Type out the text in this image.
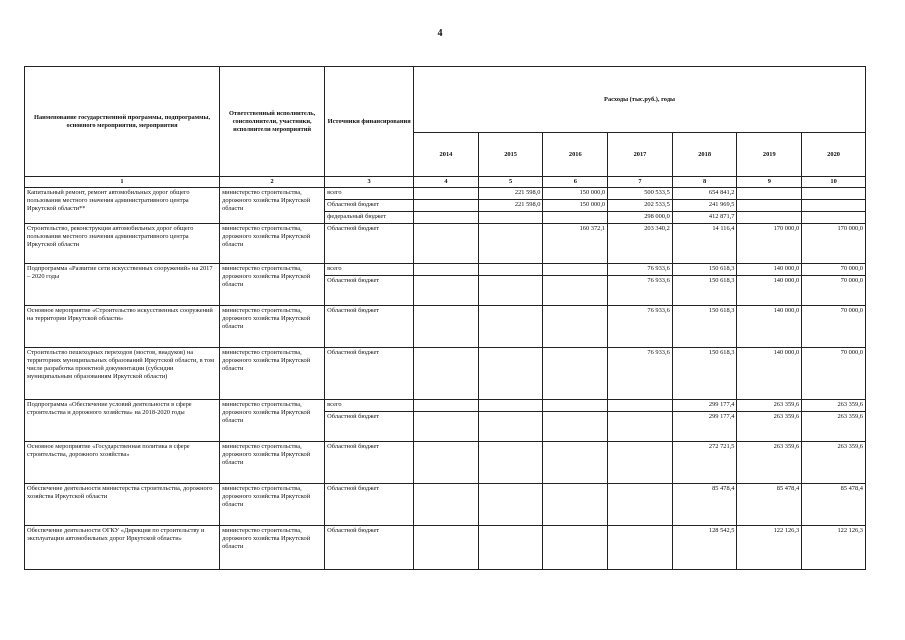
4
Наименование государственной программы, подпрограммы, основного мероприятия, мероприятия	Ответственный исполнитель, соисполнители, участники, исполнители мероприятий	Источники финансирования	Расходы (тыс.руб.), годы						
			2014	2015	2016	2017	2018	2019	2020
1	2	3	4	5	6	7	8	9	10
Капитальный ремонт, ремонт автомобильных дорог общего пользования местного значения административного центра Иркутской области**	министерство строительства, дорожного хозяйства Иркутской области	всего		221 598,0	150 000,0	500 533,5	654 841,2		
		Областной бюджет		221 598,0	150 000,0	202 533,5	241 969,5		
		федеральный бюджет				298 000,0	412 871,7		
Строительство, реконструкция автомобильных дорог общего пользования местного значения административного центра Иркутской области	министерство строительства, дорожного хозяйства Иркутской области	Областной бюджет			160 372,1	203 340,2	14 116,4	170 000,0	170 000,0
Подпрограмма «Развитие сети искусственных сооружений» на 2017 – 2020 годы	министерство строительства, дорожного хозяйства Иркутской области	всего				76 933,6	150 618,3	140 000,0	70 000,0
		Областной бюджет				76 933,6	150 618,3	140 000,0	70 000,0
Основное мероприятие «Строительство искусственных сооружений на территории Иркутской области»	министерство строительства, дорожного хозяйства Иркутской области	Областной бюджет				76 933,6	150 618,3	140 000,0	70 000,0
Строительство пешеходных переходов (мостов, виадуков) на территориях муниципальных образований Иркутской области, в том числе разработка проектной документации (субсидии муниципальным образованиям Иркутской области)	министерство строительства, дорожного хозяйства Иркутской области	Областной бюджет				76 933,6	150 618,3	140 000,0	70 000,0
Подпрограмма «Обеспечение условий деятельности в сфере строительства и дорожного хозяйства» на 2018-2020 годы	министерство строительства, дорожного хозяйства Иркутской области	всего					299 177,4	263 359,6	263 359,6
		Областной бюджет					299 177,4	263 359,6	263 359,6
Основное мероприятие «Государственная политика в сфере строительства, дорожного хозяйства»	министерство строительства, дорожного хозяйства Иркутской области	Областной бюджет					272 721,5	263 359,6	263 359,6
Обеспечение деятельности министерства строительства, дорожного хозяйства Иркутской области	министерство строительства, дорожного хозяйства Иркутской области	Областной бюджет					85 478,4	85 478,4	85 478,4
Обеспечение деятельности ОГКУ «Дирекция по строительству и эксплуатации автомобильных дорог Иркутской области»	министерство строительства, дорожного хозяйства Иркутской области	Областной бюджет					128 542,5	122 126,3	122 126,3
